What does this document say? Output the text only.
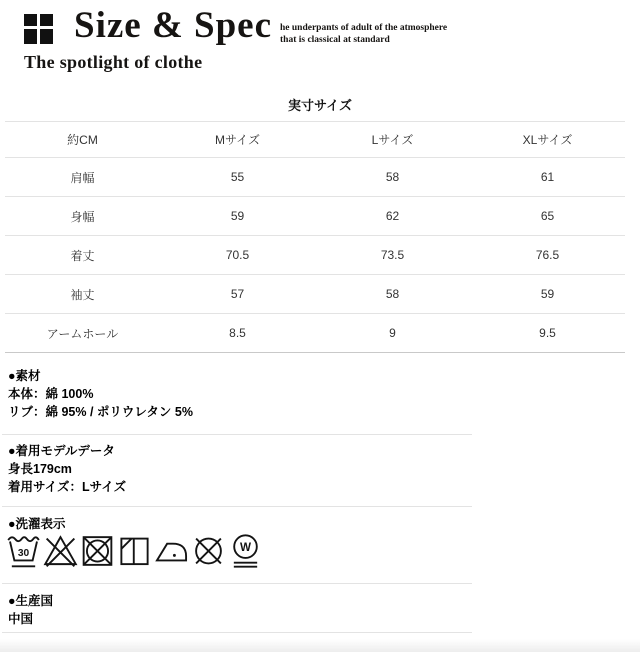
Size & Spec
The spotlight of clothe
he underpants of adult of the atmosphere
that is classical at standard
実寸サイズ
約CM	Mサイズ	Lサイズ	XLサイズ
肩幅	55	58	61
身幅	59	62	65
着丈	70.5	73.5	76.5
袖丈	57	58	59
アームホール	8.5	9	9.5
●素材
本体：綿 100%
リブ：綿 95% / ポリウレタン 5%
●着用モデルデータ
身長179cm
着用サイズ：Lサイズ
●洗濯表示
30	W
●生産国
中国
